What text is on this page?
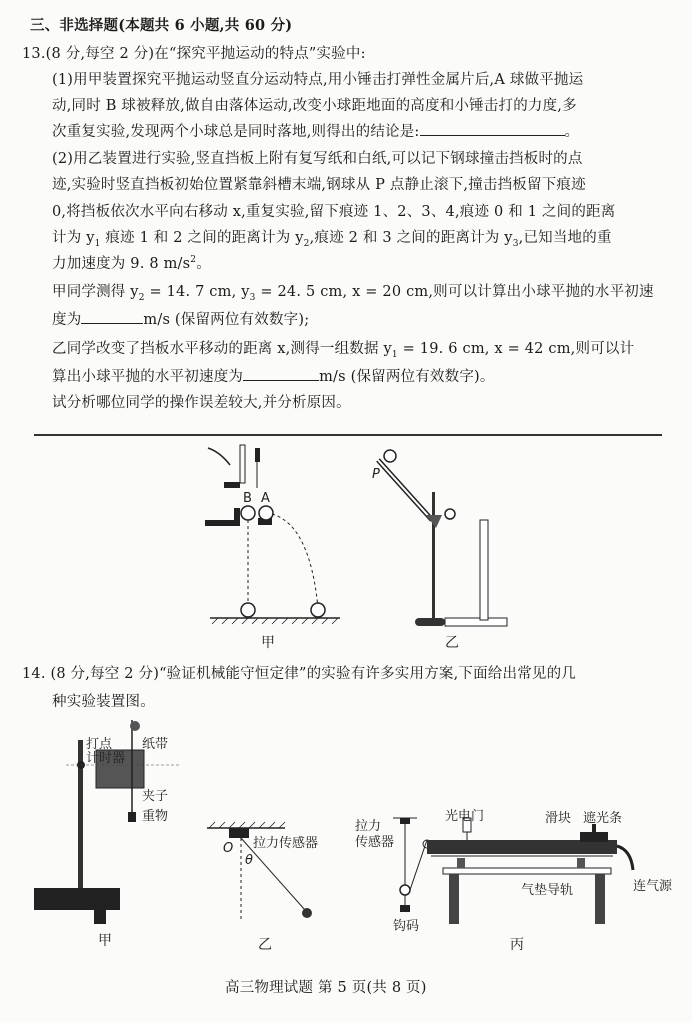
三、非选择题(本题共 6 小题,共 60 分)
13.(8 分,每空 2 分)在“探究平抛运动的特点”实验中:
(1)用甲装置探究平抛运动竖直分运动特点,用小锤击打弹性金属片后,A 球做平抛运
动,同时 B 球被释放,做自由落体运动,改变小球距地面的高度和小锤击打的力度,多
次重复实验,发现两个小球总是同时落地,则得出的结论是:	。
(2)用乙装置进行实验,竖直挡板上附有复写纸和白纸,可以记下钢球撞击挡板时的点
迹,实验时竖直挡板初始位置紧靠斜槽末端,钢球从 P 点静止滚下,撞击挡板留下痕迹
0,将挡板依次水平向右移动 x,重复实验,留下痕迹 1、2、3、4,痕迹 0 和 1 之间的距离
计为 $y_1$ 痕迹 1 和 2 之间的距离计为 $y_2$,痕迹 2 和 3 之间的距离计为 $y_3$,已知当地的重
力加速度为 9. 8 $m/s^2$。
甲同学测得 $y_2 = 14$. 7 cm, $y_3 = 24$. 5 cm, x = 20 cm,则可以计算出小球平抛的水平初速
度为	m/s (保留两位有效数字);
乙同学改变了挡板水平移动的距离 x,测得一组数据 $y_1 = 19$. 6 cm, x = 42 cm,则可以计
算出小球平抛的水平初速度为	m/s (保留两位有效数字)。
试分析哪位同学的操作误差较大,并分析原因。
B A
甲
P
乙
14. (8 分,每空 2 分)“验证机械能守恒定律”的实验有许多实用方案,下面给出常见的几
种实验装置图。
打点
计时器
纸带
夹子
重物
甲
O
θ
拉力传感器
乙
拉力
传感器
钩码
光电门	滑块 遮光条
气垫导轨	连气源
丙
高三物理试题 第 5 页(共 8 页)
